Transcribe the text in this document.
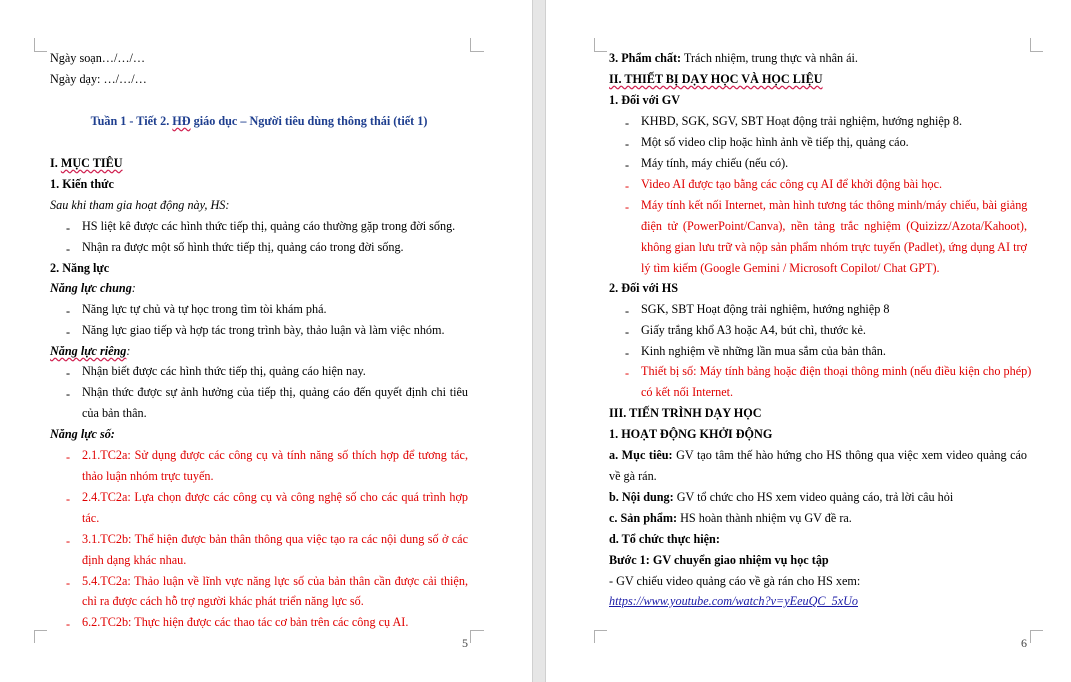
Ngày soạn…/…/…
Ngày dạy: …/…/…
Tuần 1 - Tiết 2. HĐ giáo dục – Người tiêu dùng thông thái (tiết 1)
I. MỤC TIÊU
1. Kiến thức
Sau khi tham gia hoạt động này, HS:
- HS liệt kê được các hình thức tiếp thị, quảng cáo thường gặp trong đời sống.
- Nhận ra được một số hình thức tiếp thị, quảng cáo trong đời sống.
2. Năng lực
Năng lực chung:
- Năng lực tự chủ và tự học trong tìm tòi khám phá.
- Năng lực giao tiếp và hợp tác trong trình bày, thảo luận và làm việc nhóm.
Năng lực riêng:
- Nhận biết được các hình thức tiếp thị, quảng cáo hiện nay.
- Nhận thức được sự ảnh hưởng của tiếp thị, quảng cáo đến quyết định chi tiêu
của bản thân.
Năng lực số:
- 2.1.TC2a: Sử dụng được các công cụ và tính năng số thích hợp để tương tác,
thảo luận nhóm trực tuyến.
- 2.4.TC2a: Lựa chọn được các công cụ và công nghệ số cho các quá trình hợp
tác.
- 3.1.TC2b: Thể hiện được bản thân thông qua việc tạo ra các nội dung số ở các
định dạng khác nhau.
- 5.4.TC2a: Thảo luận về lĩnh vực năng lực số của bản thân cần được cải thiện,
chỉ ra được cách hỗ trợ người khác phát triển năng lực số.
- 6.2.TC2b: Thực hiện được các thao tác cơ bản trên các công cụ AI.
5
3. Phẩm chất: Trách nhiệm, trung thực và nhân ái.
II. THIẾT BỊ DẠY HỌC VÀ HỌC LIỆU
1. Đối với GV
- KHBD, SGK, SGV, SBT Hoạt động trải nghiệm, hướng nghiệp 8.
- Một số video clip hoặc hình ảnh về tiếp thị, quảng cáo.
- Máy tính, máy chiếu (nếu có).
- Video AI được tạo bằng các công cụ AI để khởi động bài học.
- Máy tính kết nối Internet, màn hình tương tác thông minh/máy chiếu, bài giảng
điện tử (PowerPoint/Canva), nền tảng trắc nghiệm (Quizizz/Azota/Kahoot),
không gian lưu trữ và nộp sản phẩm nhóm trực tuyến (Padlet), ứng dụng AI trợ
lý tìm kiếm (Google Gemini / Microsoft Copilot/ Chat GPT).
2. Đối với HS
- SGK, SBT Hoạt động trải nghiệm, hướng nghiệp 8
- Giấy trắng khổ A3 hoặc A4, bút chì, thước kẻ.
- Kinh nghiệm về những lần mua sắm của bản thân.
- Thiết bị số: Máy tính bảng hoặc điện thoại thông minh (nếu điều kiện cho phép)
có kết nối Internet.
III. TIẾN TRÌNH DẠY HỌC
1. HOẠT ĐỘNG KHỞI ĐỘNG
a. Mục tiêu: GV tạo tâm thế hào hứng cho HS thông qua việc xem video quảng cáo
về gà rán.
b. Nội dung: GV tổ chức cho HS xem video quảng cáo, trả lời câu hỏi
c. Sản phẩm: HS hoàn thành nhiệm vụ GV đề ra.
d. Tổ chức thực hiện:
Bước 1: GV chuyển giao nhiệm vụ học tập
- GV chiếu video quảng cáo về gà rán cho HS xem:
https://www.youtube.com/watch?v=yEeuQC_5xUo
6
